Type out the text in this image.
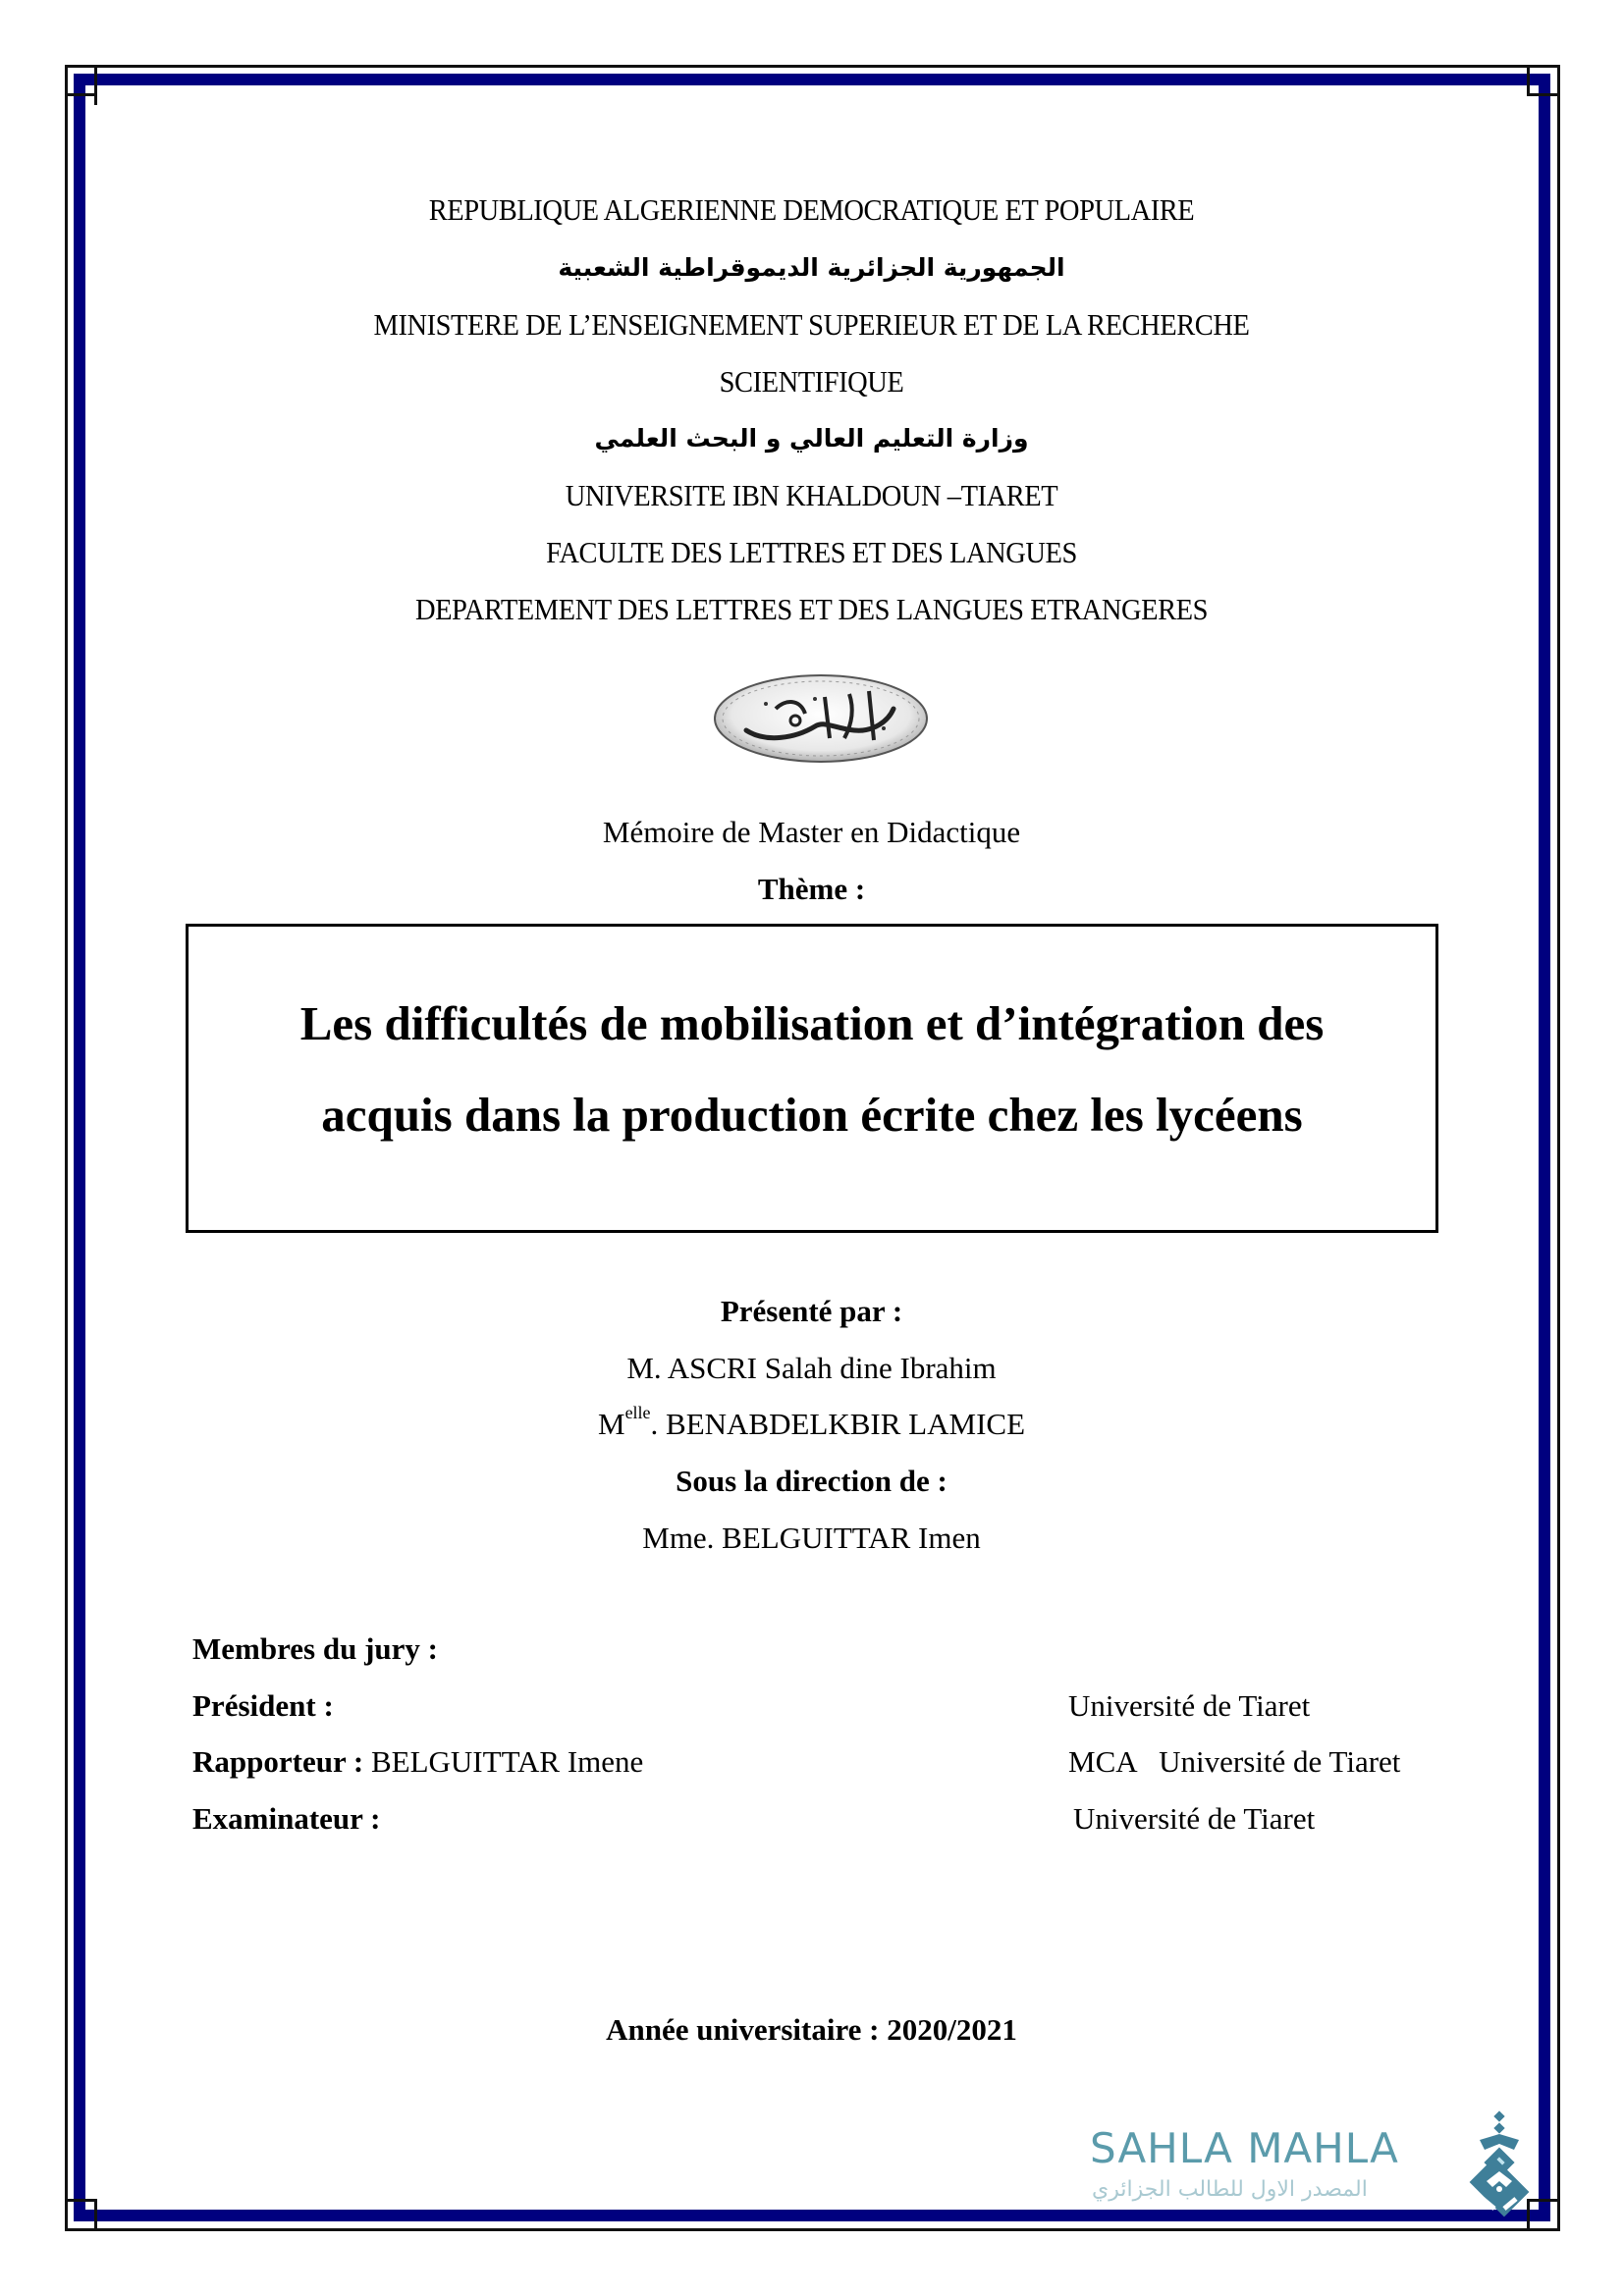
REPUBLIQUE ALGERIENNE DEMOCRATIQUE ET POPULAIRE
الجمهورية الجزائرية الديموقراطية الشعبية
MINISTERE DE L’ENSEIGNEMENT SUPERIEUR ET DE LA RECHERCHE
SCIENTIFIQUE
وزارة التعليم العالي و البحث العلمي
UNIVERSITE IBN KHALDOUN –TIARET
FACULTE DES LETTRES ET DES LANGUES
DEPARTEMENT DES LETTRES ET DES LANGUES ETRANGERES
Mémoire de Master en Didactique
Thème :
Les difficultés de mobilisation et d’intégration des
acquis dans la production écrite chez les lycéens
Présenté par :
M. ASCRI Salah dine Ibrahim
$M^{elle}$. BENABDELKBIR LAMICE
Sous la direction de :
Mme. BELGUITTAR Imen
Membres du jury :
Président :	Université de Tiaret
Rapporteur : BELGUITTAR Imene	MCA   Université de Tiaret
Examinateur :	Université de Tiaret
Année universitaire : 2020/2021
SAHLA MAHLA
المصدر الاول للطالب الجزائري
